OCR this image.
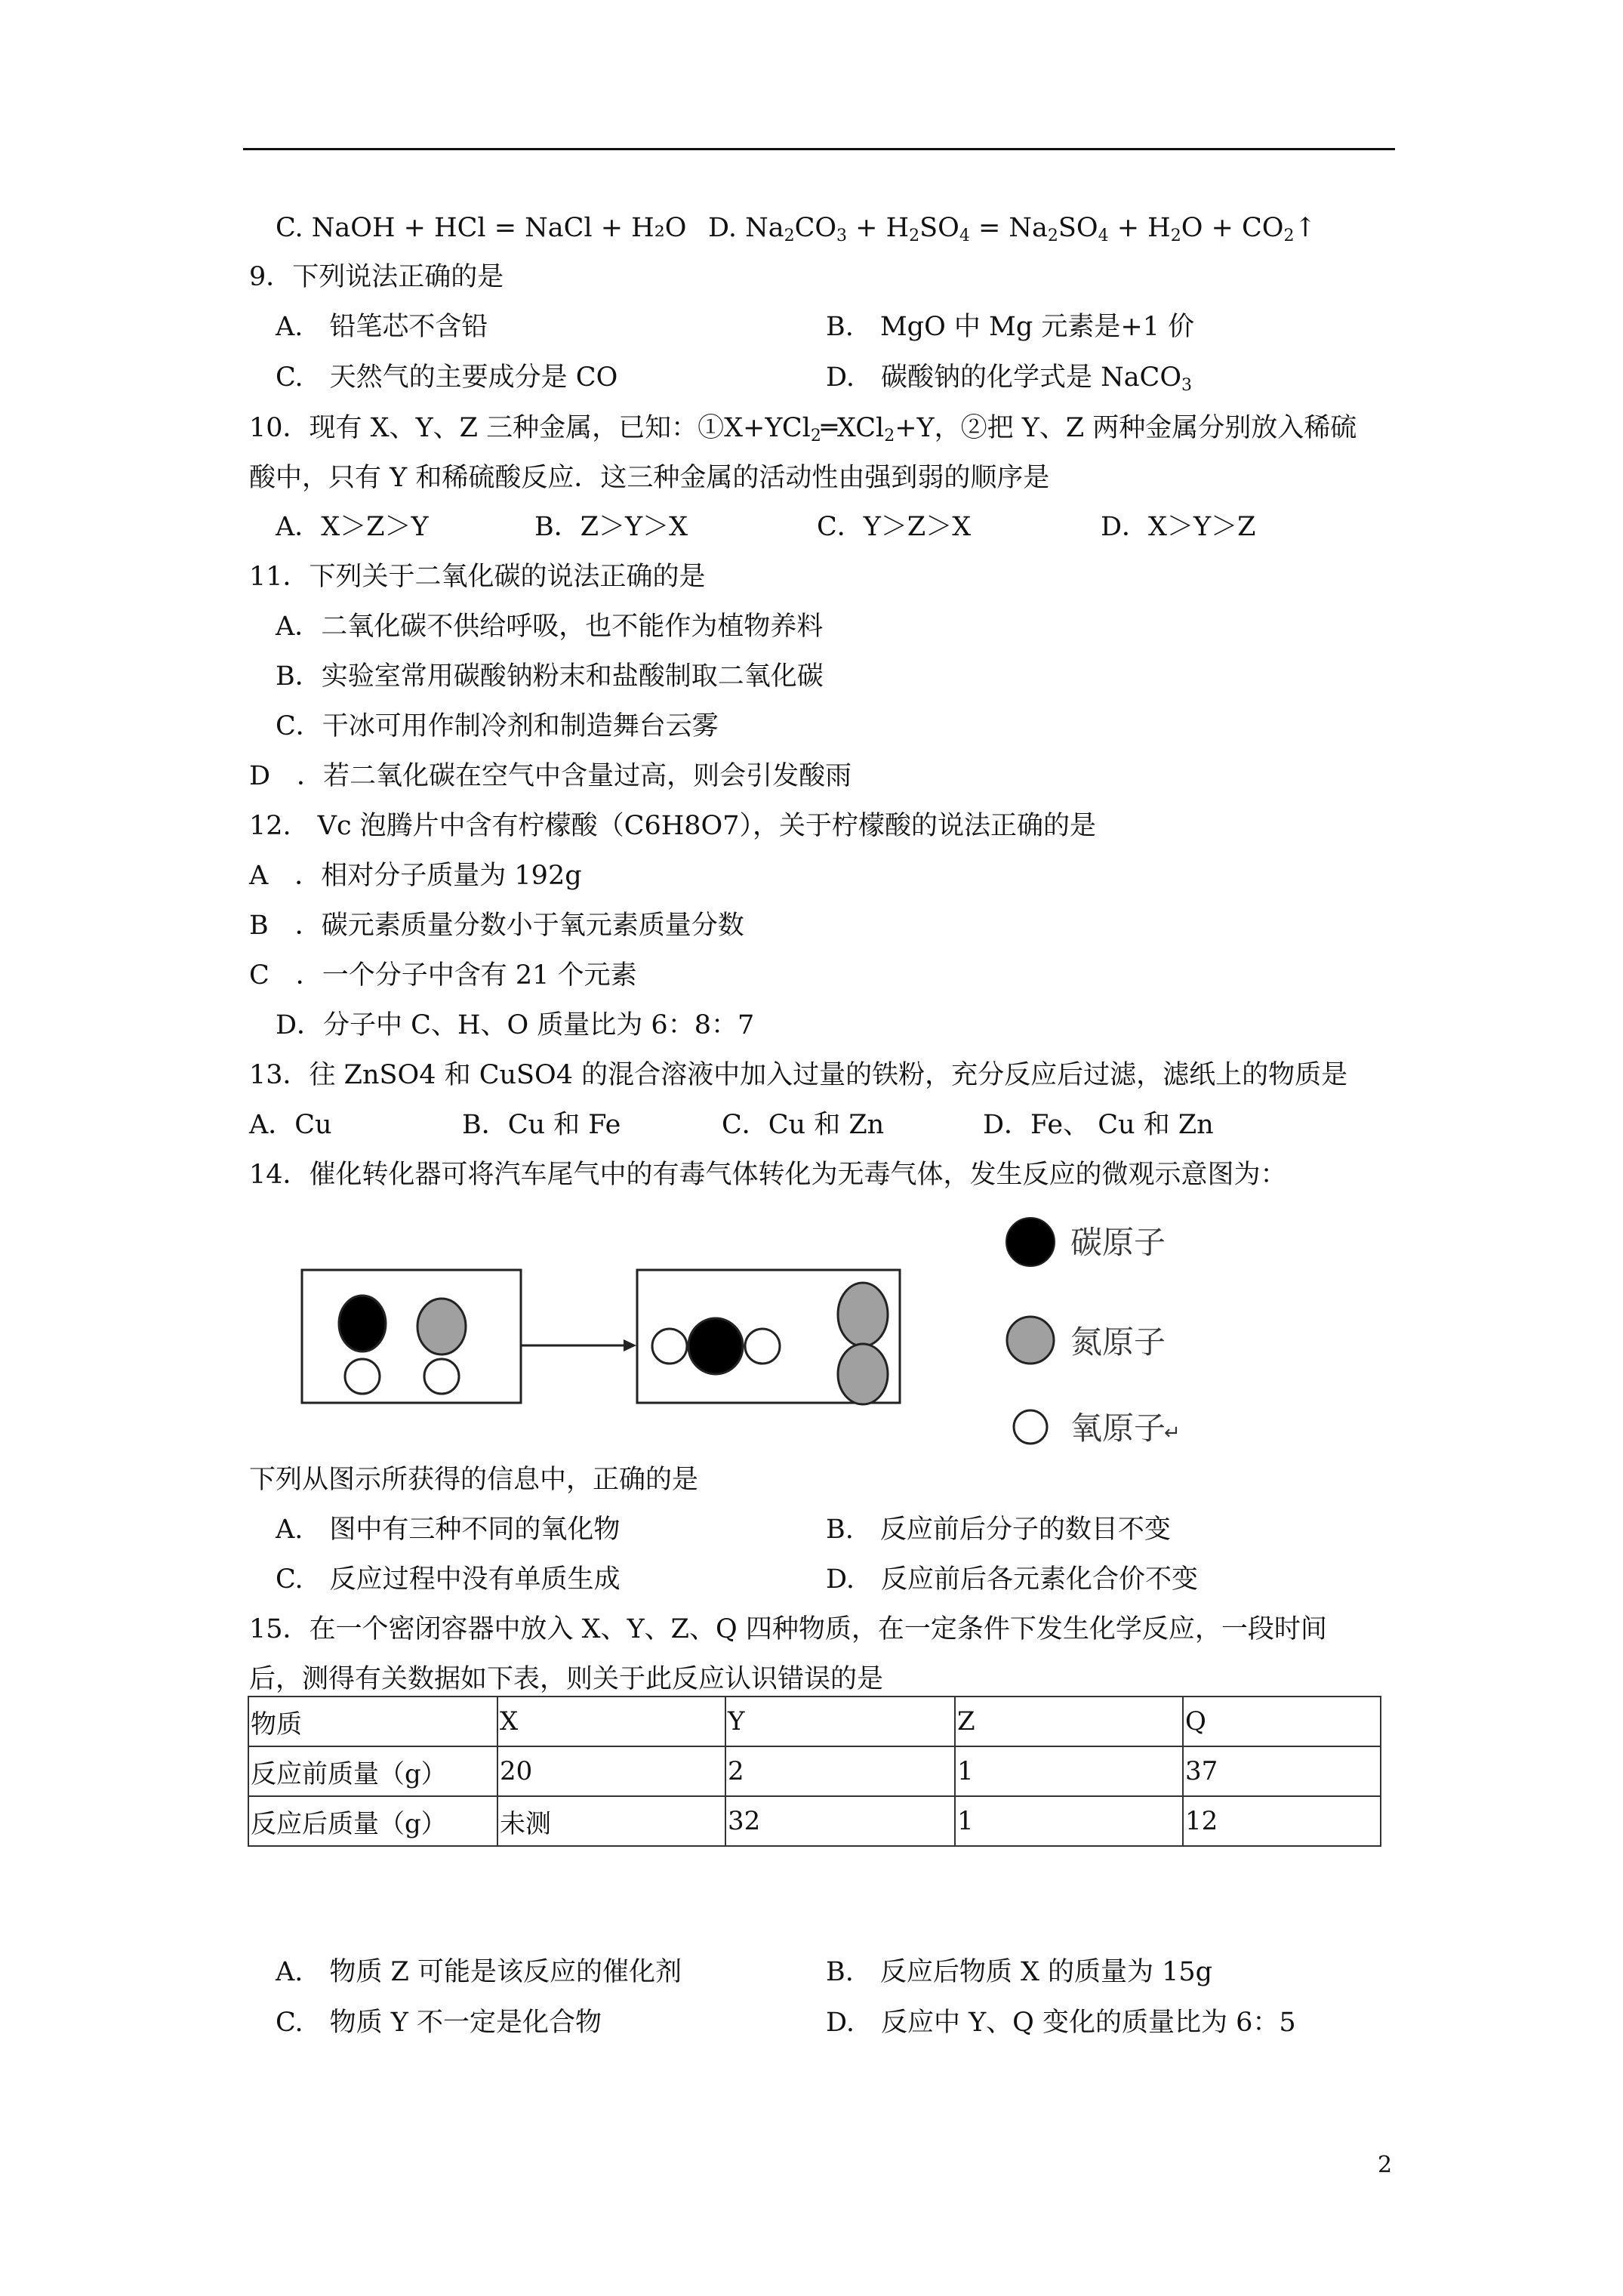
C. NaOH + HCl = NaCl + H₂O D. $Na_2CO_3 + H_2SO_4 = Na_2SO_4 + H_2O$ + $CO_2↑$
9．下列说法正确的是
A.　铅笔芯不含铅	B.　MgO 中 Mg 元素是+1 价
C.　天然气的主要成分是 CO	D.　碳酸钠的化学式是 NaCO$_3$
10．现有 X、Y、Z 三种金属，已知：①X+YCl$_2$═XCl$_2$+Y，②把 Y、Z 两种金属分别放入稀硫
酸中，只有 Y 和稀硫酸反应．这三种金属的活动性由强到弱的顺序是
A．X＞Z＞Y	B．Z＞Y＞X	C．Y＞Z＞X	D．X＞Y＞Z
11．下列关于二氧化碳的说法正确的是
A．二氧化碳不供给呼吸，也不能作为植物养料
B．实验室常用碳酸钠粉末和盐酸制取二氧化碳
C．干冰可用作制冷剂和制造舞台云雾
D　．若二氧化碳在空气中含量过高，则会引发酸雨
12.　Vc 泡腾片中含有柠檬酸（C6H8O7），关于柠檬酸的说法正确的是
A　．相对分子质量为 192g
B　．碳元素质量分数小于氧元素质量分数
C　．一个分子中含有 21 个元素
D．分子中 C、H、O 质量比为 6：8：7
13．往 ZnSO4 和 CuSO4 的混合溶液中加入过量的铁粉，充分反应后过滤，滤纸上的物质是
A．Cu	B．Cu 和 Fe	C．Cu 和 Zn	D．Fe、 Cu 和 Zn
14．催化转化器可将汽车尾气中的有毒气体转化为无毒气体，发生反应的微观示意图为：
碳原子
氮原子
氧原子
↵
下列从图示所获得的信息中，正确的是
A.　图中有三种不同的氧化物	B.　反应前后分子的数目不变
C.　反应过程中没有单质生成	D.　反应前后各元素化合价不变
15．在一个密闭容器中放入 X、Y、Z、Q 四种物质，在一定条件下发生化学反应，一段时间
后，测得有关数据如下表，则关于此反应认识错误的是
物质	X	Y	Z	Q
反应前质量（g）	20	2	1	37
反应后质量（g）	未测	32	1	12
A.　物质 Z 可能是该反应的催化剂	B.　反应后物质 X 的质量为 15g
C.　物质 Y 不一定是化合物	D.　反应中 Y、Q 变化的质量比为 6：5
2
